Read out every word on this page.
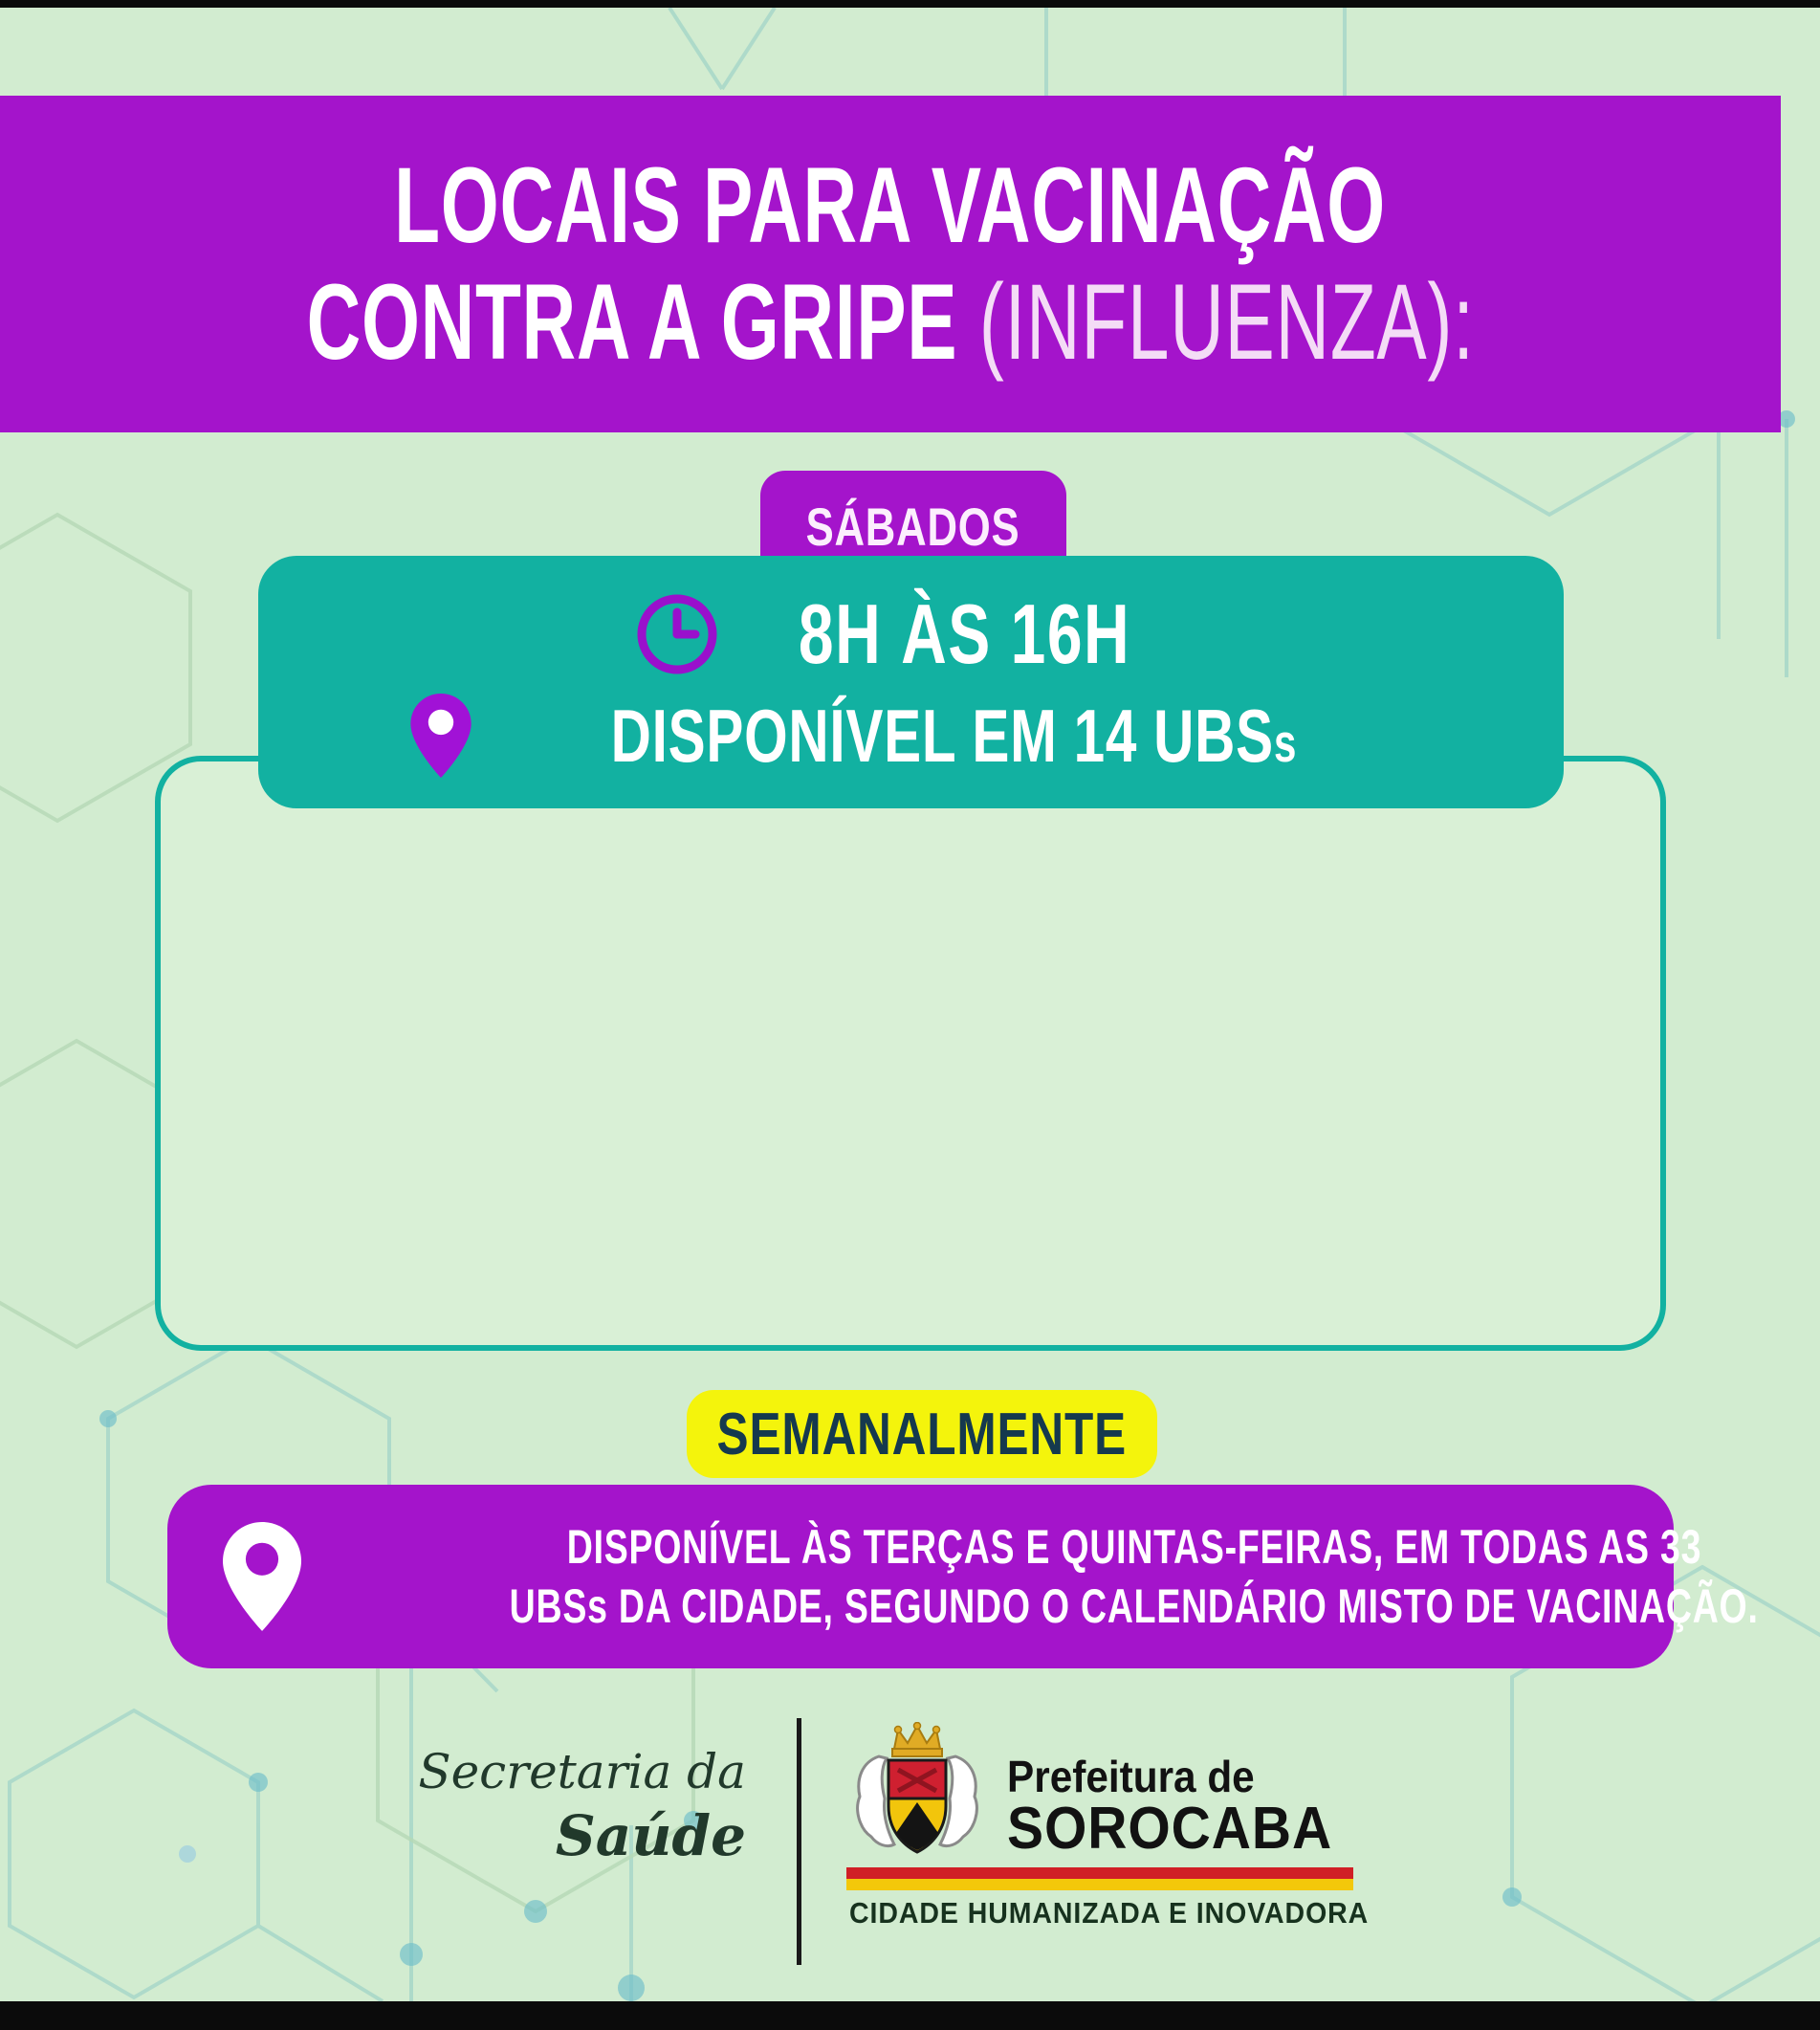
LOCAIS PARA VACINAÇÃO
CONTRA A GRIPE (INFLUENZA):
SÁBADOS
8H ÀS 16H
DISPONÍVEL EM 14 UBSs
SEMANALMENTE
DISPONÍVEL ÀS TERÇAS E QUINTAS-FEIRAS, EM TODAS AS 33
UBSs DA CIDADE, SEGUNDO O CALENDÁRIO MISTO DE VACINAÇÃO.
Secretaria da
Saúde
Prefeitura de
SOROCABA
CIDADE HUMANIZADA E INOVADORA
